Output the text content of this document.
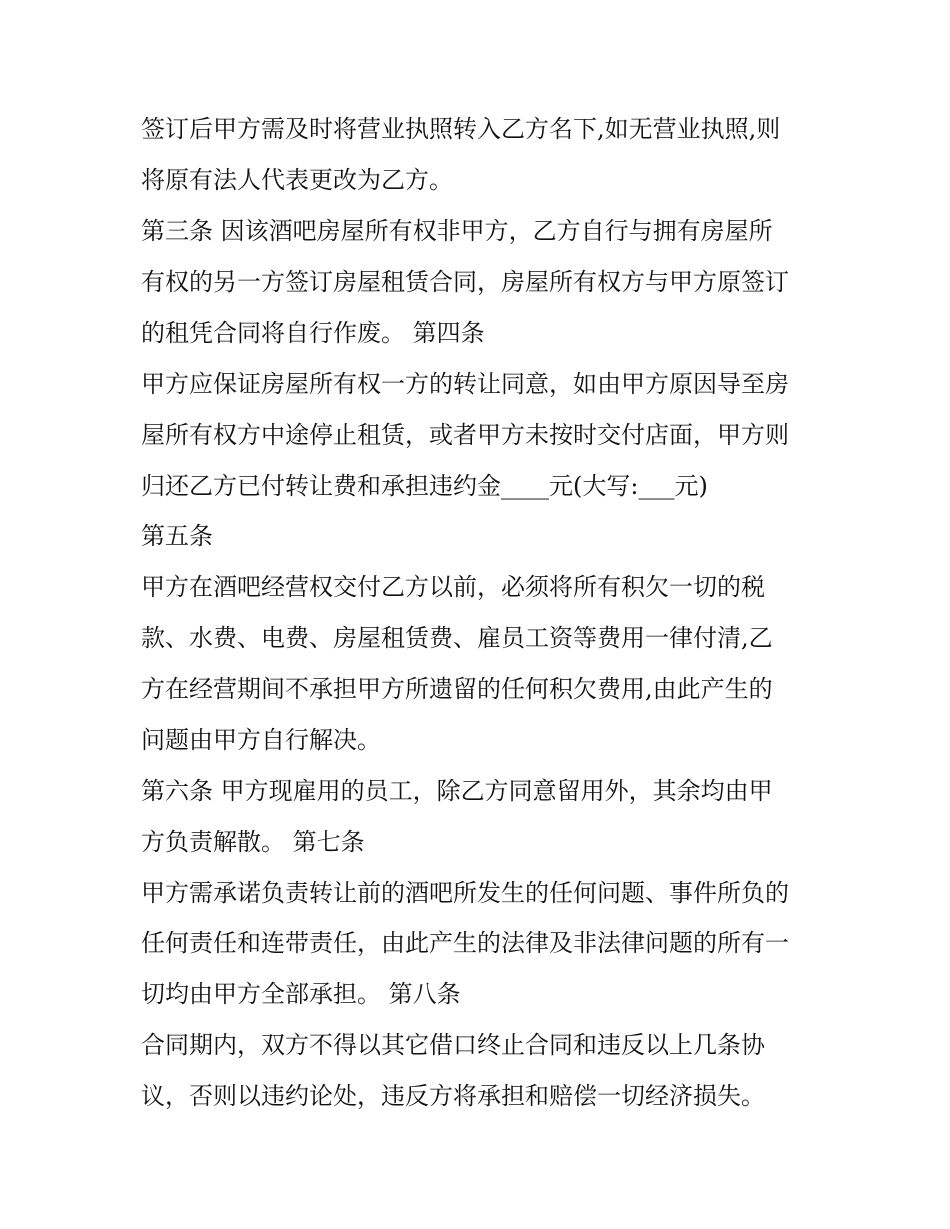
签订后甲方需及时将营业执照转入乙方名下,如无营业执照,则
将原有法人代表更改为乙方。
第三条 因该酒吧房屋所有权非甲方，乙方自行与拥有房屋所
有权的另一方签订房屋租赁合同，房屋所有权方与甲方原签订
的租凭合同将自行作废。 第四条
甲方应保证房屋所有权一方的转让同意，如由甲方原因导至房
屋所有权方中途停止租赁，或者甲方未按时交付店面，甲方则
归还乙方已付转让费和承担违约金____元(大写:___元)
第五条
甲方在酒吧经营权交付乙方以前，必须将所有积欠一切的税
款、水费、电费、房屋租赁费、雇员工资等费用一律付清,乙
方在经营期间不承担甲方所遗留的任何积欠费用,由此产生的
问题由甲方自行解决。
第六条 甲方现雇用的员工，除乙方同意留用外，其余均由甲
方负责解散。 第七条
甲方需承诺负责转让前的酒吧所发生的任何问题、事件所负的
任何责任和连带责任，由此产生的法律及非法律问题的所有一
切均由甲方全部承担。 第八条
合同期内，双方不得以其它借口终止合同和违反以上几条协
议，否则以违约论处，违反方将承担和赔偿一切经济损失。
